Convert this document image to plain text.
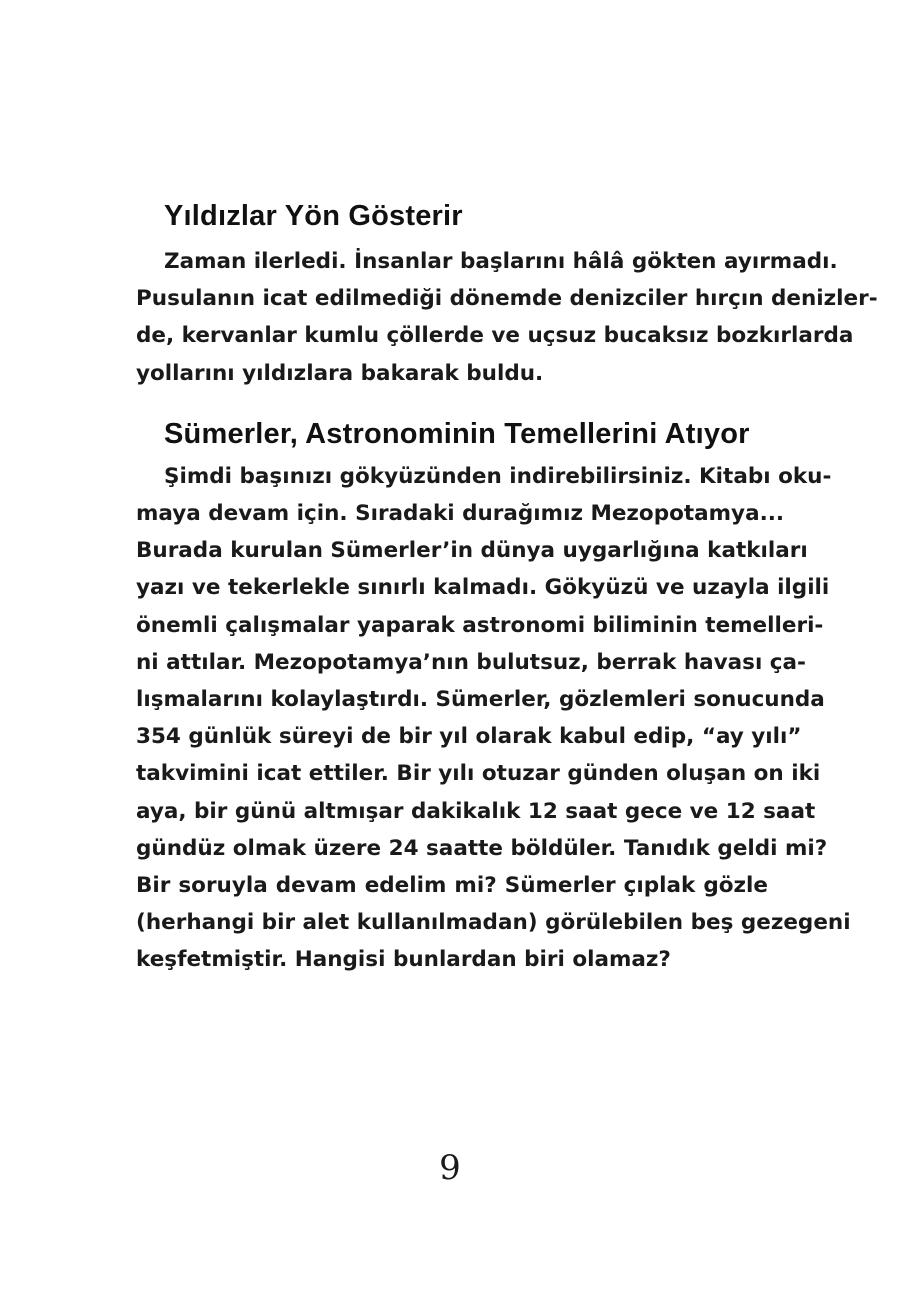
Yıldızlar Yön Gösterir
Zaman ilerledi. İnsanlar başlarını hâlâ gökten ayırmadı.
Pusulanın icat edilmediği dönemde denizciler hırçın denizler-
de, kervanlar kumlu çöllerde ve uçsuz bucaksız bozkırlarda
yollarını yıldızlara bakarak buldu.
Sümerler, Astronominin Temellerini Atıyor
Şimdi başınızı gökyüzünden indirebilirsiniz. Kitabı oku-
maya devam için. Sıradaki durağımız Mezopotamya...
Burada kurulan Sümerler’in dünya uygarlığına katkıları
yazı ve tekerlekle sınırlı kalmadı. Gökyüzü ve uzayla ilgili
önemli çalışmalar yaparak astronomi biliminin temelleri-
ni attılar. Mezopotamya’nın bulutsuz, berrak havası ça-
lışmalarını kolaylaştırdı. Sümerler, gözlemleri sonucunda
354 günlük süreyi de bir yıl olarak kabul edip, “ay yılı”
takvimini icat ettiler. Bir yılı otuzar günden oluşan on iki
aya, bir günü altmışar dakikalık 12 saat gece ve 12 saat
gündüz olmak üzere 24 saatte böldüler. Tanıdık geldi mi?
Bir soruyla devam edelim mi? Sümerler çıplak gözle
(herhangi bir alet kullanılmadan) görülebilen beş gezegeni
keşfetmiştir. Hangisi bunlardan biri olamaz?
9
